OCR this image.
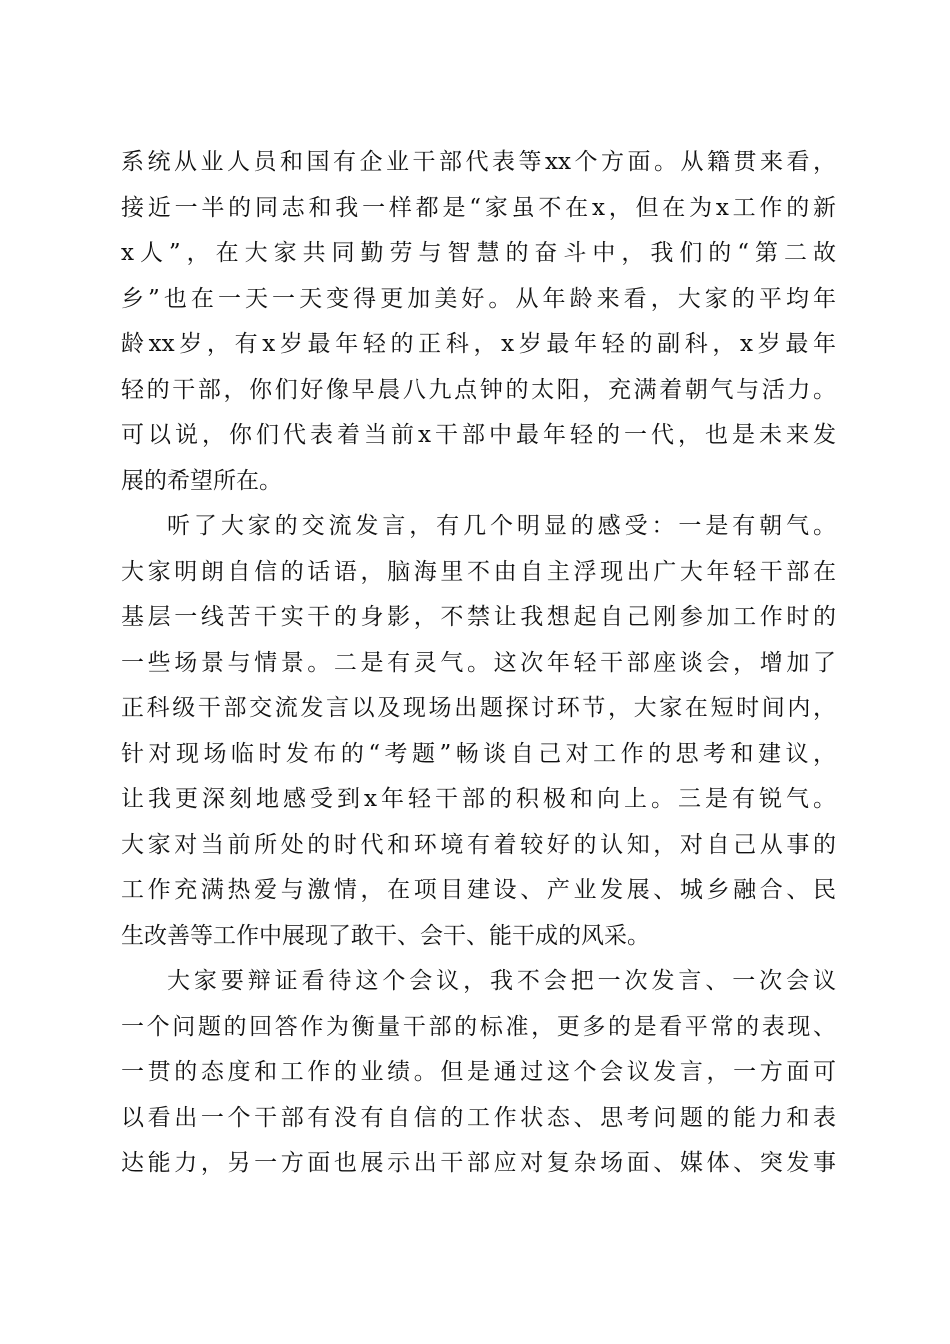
系统从业人员和国有企业干部代表等xx个方面。从籍贯来看，
接近一半的同志和我一样都是“家虽不在x，但在为x工作的新
x人”，在大家共同勤劳与智慧的奋斗中，我们的“第二故
乡”也在一天一天变得更加美好。从年龄来看，大家的平均年
龄xx岁，有x岁最年轻的正科，x岁最年轻的副科，x岁最年
轻的干部，你们好像早晨八九点钟的太阳，充满着朝气与活力。
可以说，你们代表着当前x干部中最年轻的一代，也是未来发
展的希望所在。
听了大家的交流发言，有几个明显的感受：一是有朝气。
大家明朗自信的话语，脑海里不由自主浮现出广大年轻干部在
基层一线苦干实干的身影，不禁让我想起自己刚参加工作时的
一些场景与情景。二是有灵气。这次年轻干部座谈会，增加了
正科级干部交流发言以及现场出题探讨环节，大家在短时间内，
针对现场临时发布的“考题”畅谈自己对工作的思考和建议，
让我更深刻地感受到x年轻干部的积极和向上。三是有锐气。
大家对当前所处的时代和环境有着较好的认知，对自己从事的
工作充满热爱与激情，在项目建设、产业发展、城乡融合、民
生改善等工作中展现了敢干、会干、能干成的风采。
大家要辩证看待这个会议，我不会把一次发言、一次会议
一个问题的回答作为衡量干部的标准，更多的是看平常的表现、
一贯的态度和工作的业绩。但是通过这个会议发言，一方面可
以看出一个干部有没有自信的工作状态、思考问题的能力和表
达能力，另一方面也展示出干部应对复杂场面、媒体、突发事
